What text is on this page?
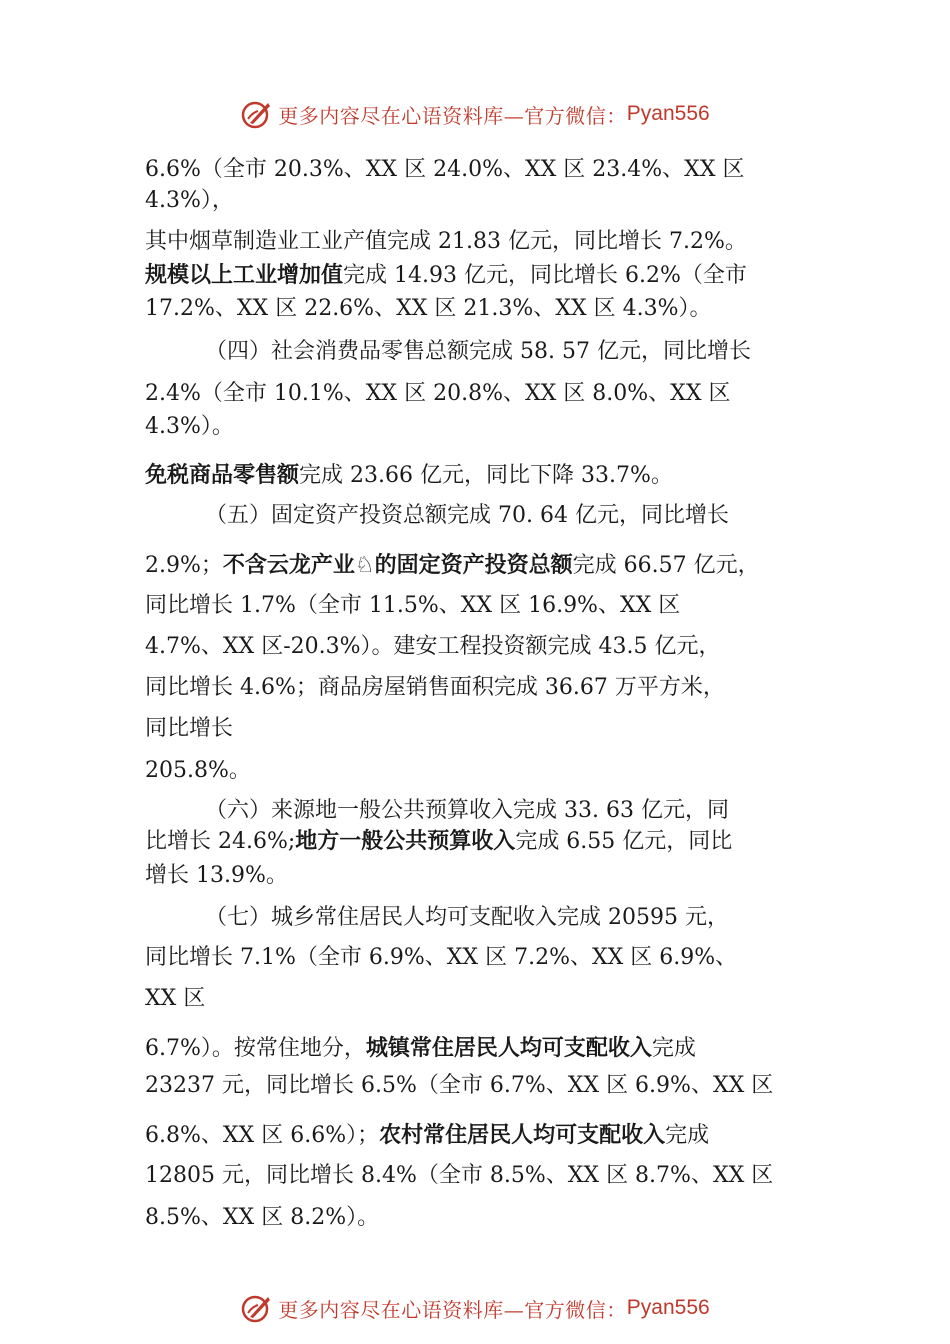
更多内容尽在心语资料库—官方微信： Pyan556
6.6%（全市 20.3%、XX 区 24.0%、XX 区 23.4%、XX 区
4.3%），
其中烟草制造业工业产值完成 21.83 亿元，同比增长 7.2%。
规模以上工业增加值完成 14.93 亿元，同比增长 6.2%（全市
17.2%、XX 区 22.6%、XX 区 21.3%、XX 区 4.3%）。
（四）社会消费品零售总额完成 58. 57 亿元，同比增长
2.4%（全市 10.1%、XX 区 20.8%、XX 区 8.0%、XX 区
4.3%）。
免税商品零售额完成 23.66 亿元，同比下降 33.7%。
（五）固定资产投资总额完成 70. 64 亿元，同比增长
2.9%；不含云龙产业♘的固定资产投资总额完成 66.57 亿元，
同比增长 1.7%（全市 11.5%、XX 区 16.9%、XX 区
4.7%、XX 区-20.3%）。建安工程投资额完成 43.5 亿元，
同比增长 4.6%；商品房屋销售面积完成 36.67 万平方米，
同比增长
205.8%。
（六）来源地一般公共预算收入完成 33. 63 亿元，同
比增长 24.6%;地方一般公共预算收入完成 6.55 亿元，同比
增长 13.9%。
（七）城乡常住居民人均可支配收入完成 20595 元，
同比增长 7.1%（全市 6.9%、XX 区 7.2%、XX 区 6.9%、
XX 区
6.7%）。按常住地分，城镇常住居民人均可支配收入完成
23237 元，同比增长 6.5%（全市 6.7%、XX 区 6.9%、XX 区
6.8%、XX 区 6.6%）；农村常住居民人均可支配收入完成
12805 元，同比增长 8.4%（全市 8.5%、XX 区 8.7%、XX 区
8.5%、XX 区 8.2%）。
更多内容尽在心语资料库—官方微信： Pyan556
